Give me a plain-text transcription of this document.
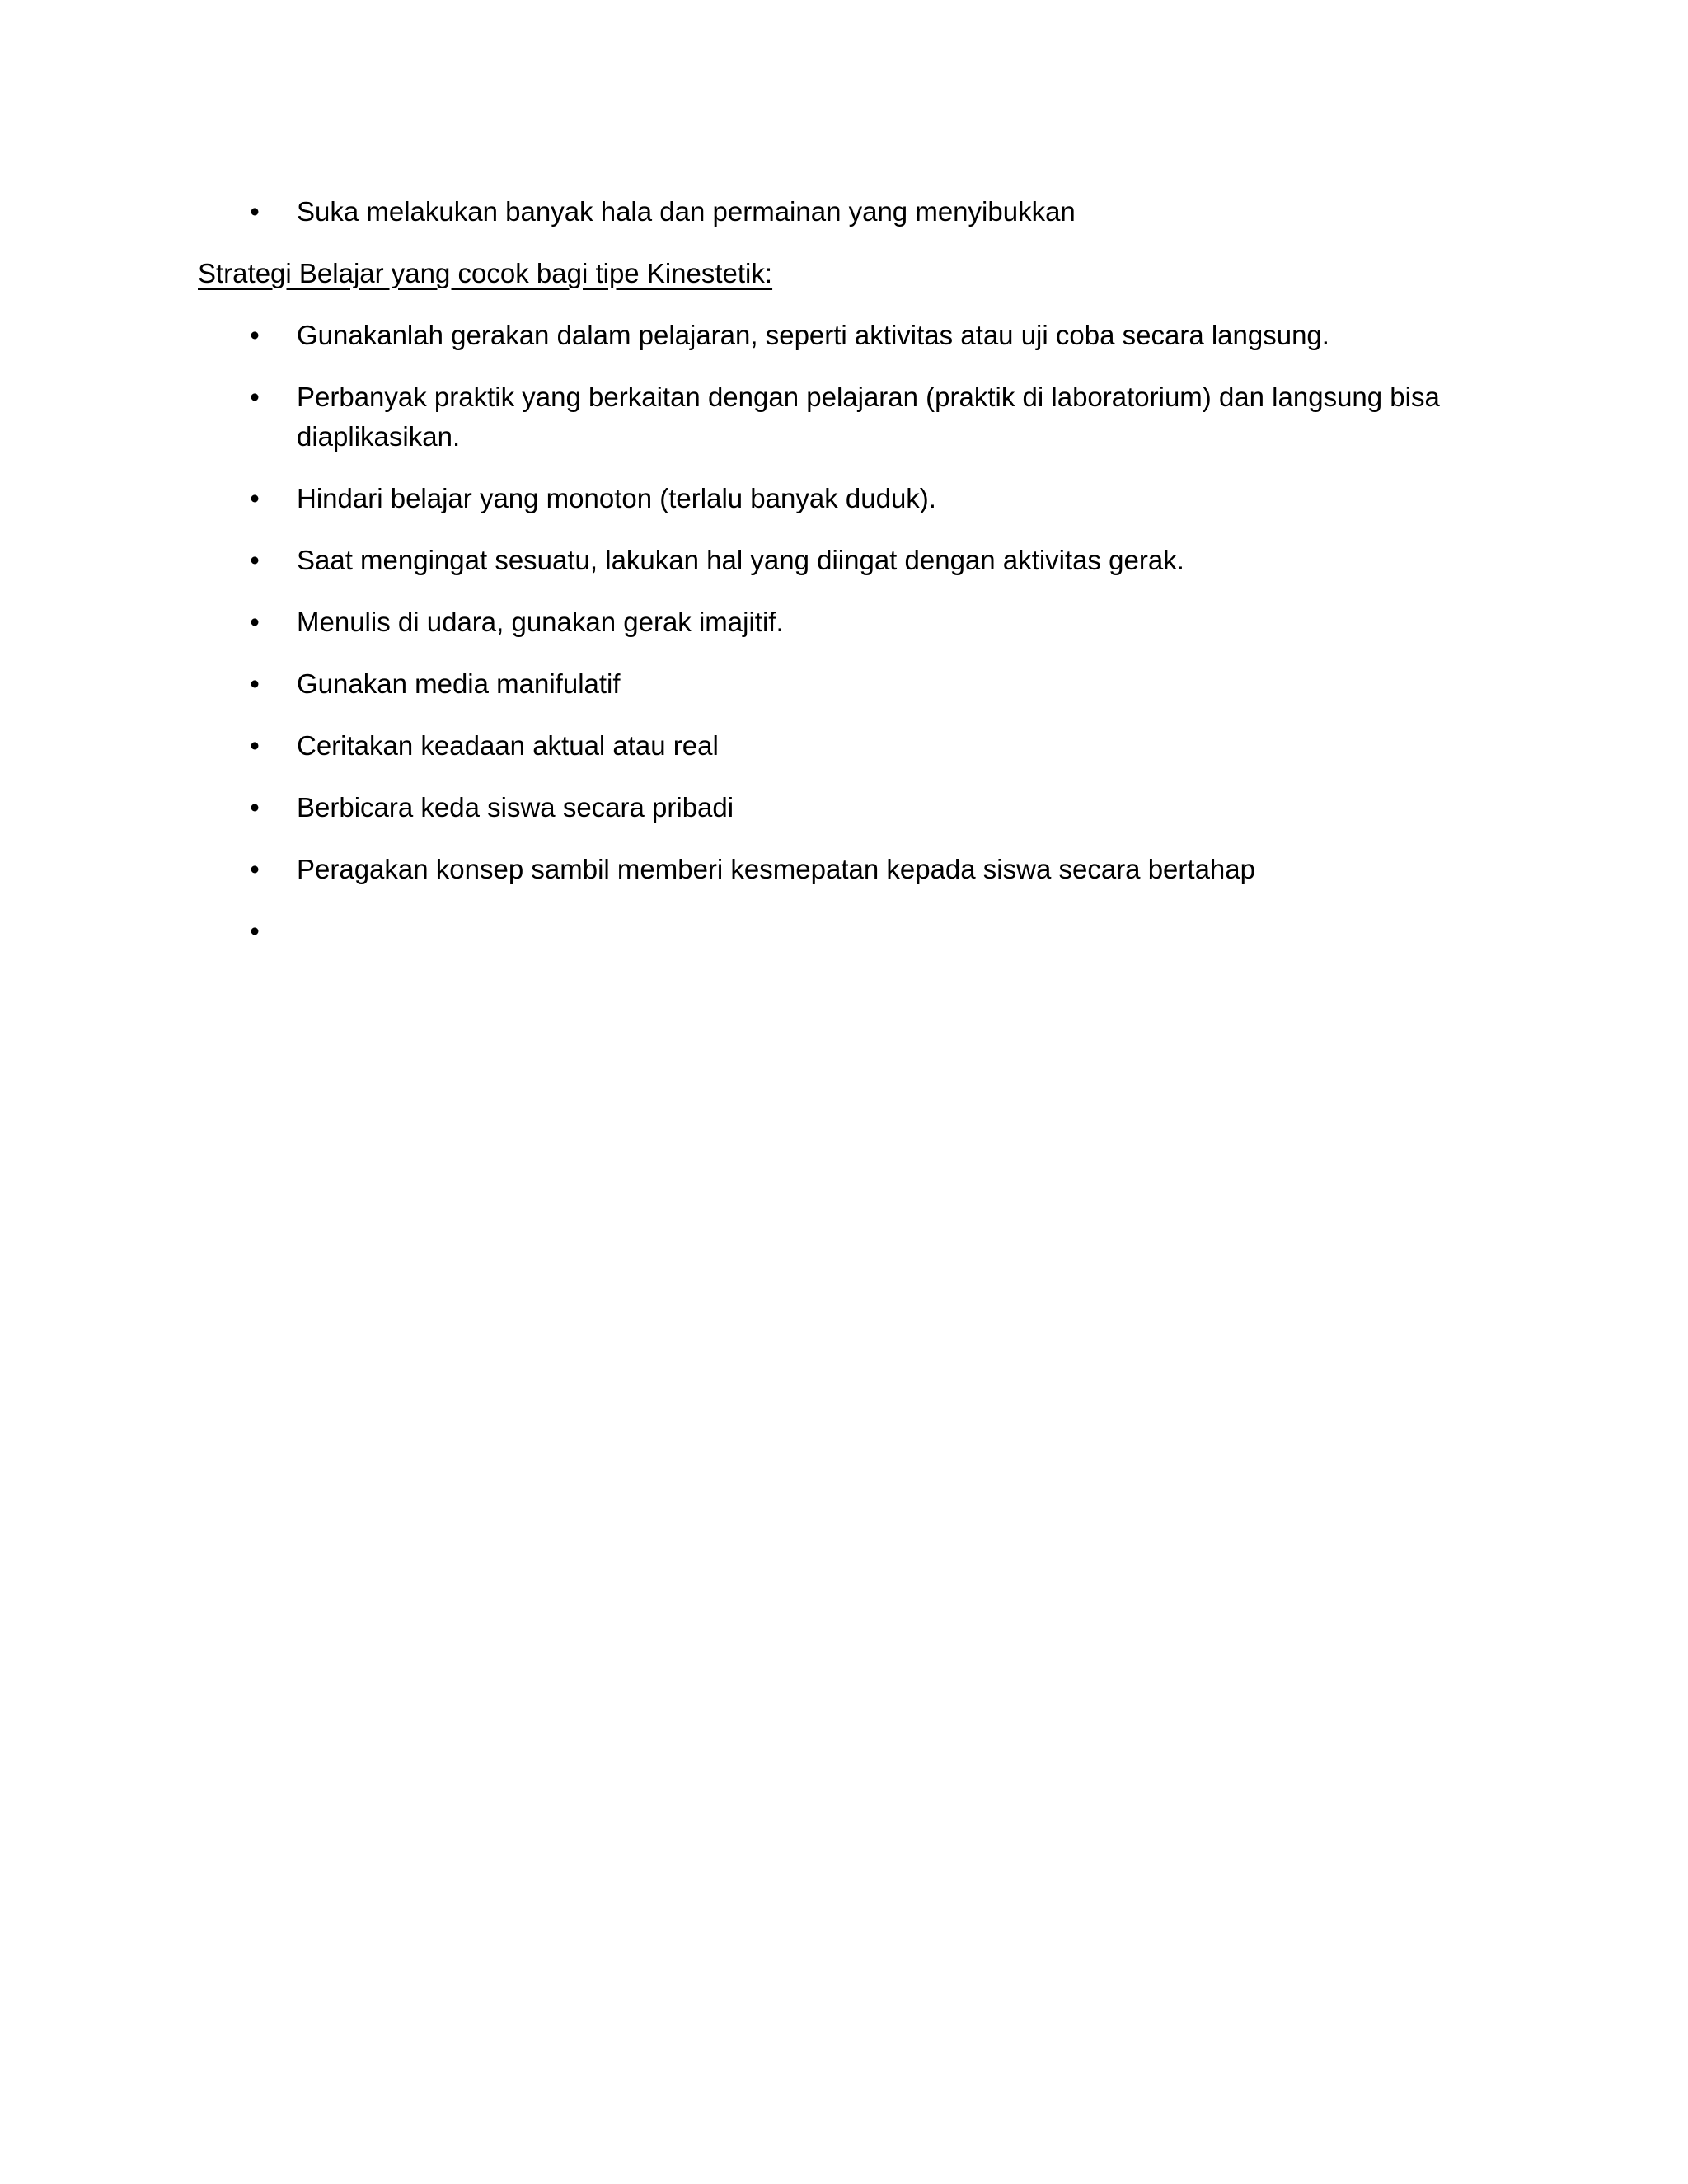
• Suka melakukan banyak hala dan permainan yang menyibukkan

Strategi Belajar yang cocok bagi tipe Kinestetik:

• Gunakanlah gerakan dalam pelajaran, seperti aktivitas atau uji coba secara langsung.
• Perbanyak praktik yang berkaitan dengan pelajaran (praktik di laboratorium) dan langsung bisa diaplikasikan.
• Hindari belajar yang monoton (terlalu banyak duduk).
• Saat mengingat sesuatu, lakukan hal yang diingat dengan aktivitas gerak.
• Menulis di udara, gunakan gerak imajitif.
• Gunakan media manifulatif
• Ceritakan keadaan aktual atau real
• Berbicara keda siswa secara pribadi
• Peragakan konsep sambil memberi kesmepatan kepada siswa secara bertahap
•
